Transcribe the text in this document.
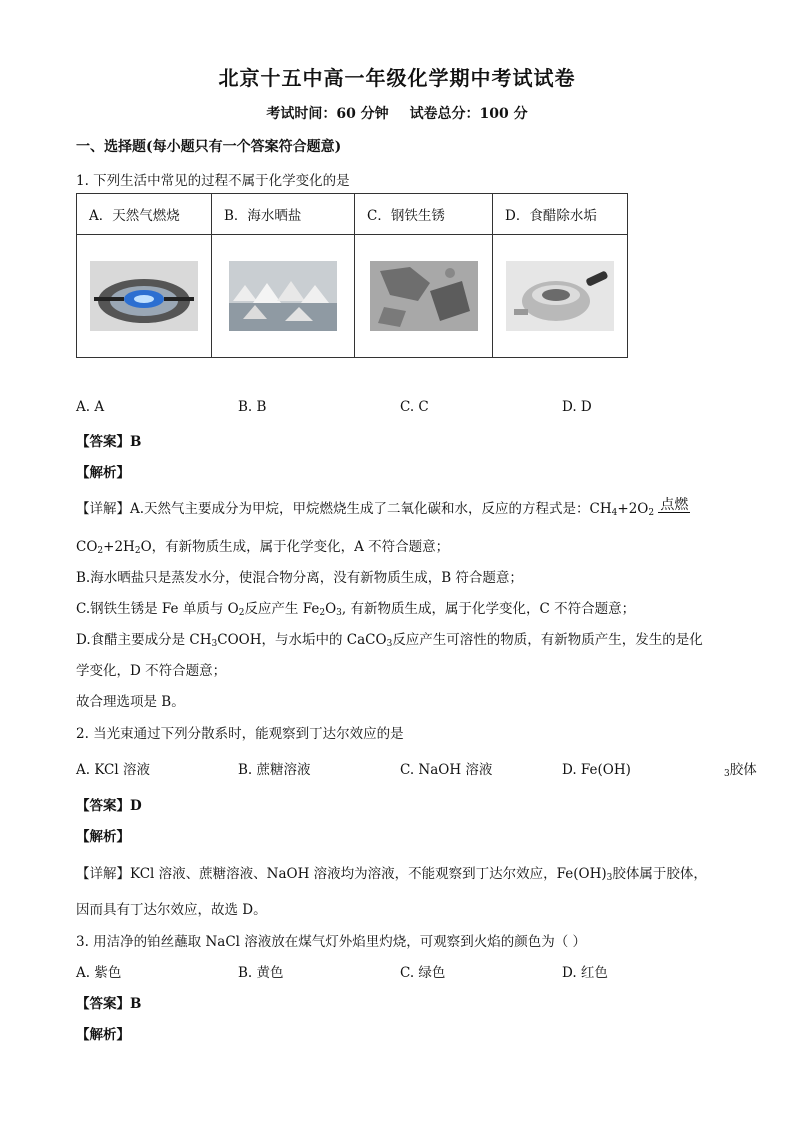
北京十五中高一年级化学期中考试试卷
考试时间：60 分钟 试卷总分：100 分
一、选择题(每小题只有一个答案符合题意)
1. 下列生活中常见的过程不属于化学变化的是
A．天然气燃烧	B．海水晒盐	C．钢铁生锈	D．食醋除水垢

A. A	B. B	C. C	D. D
【答案】B
【解析】
【详解】A.天然气主要成分为甲烷，甲烷燃烧生成了二氧化碳和水，反应的方程式是：$CH_4+2O_2$ 点燃
$CO_2+2H_2O$，有新物质生成，属于化学变化，A 不符合题意；
B.海水晒盐只是蒸发水分，使混合物分离，没有新物质生成，B 符合题意；
C.钢铁生锈是 Fe 单质与 $O_2$反应产生 $Fe_2O_3$, 有新物质生成，属于化学变化，C 不符合题意；
D.食醋主要成分是 $CH_3COOH$，与水垢中的 CaCO$_3$反应产生可溶性的物质，有新物质产生，发生的是化
学变化，D 不符合题意；
故合理选项是 B。
2. 当光束通过下列分散系时，能观察到丁达尔效应的是
A. KCl 溶液	B. 蔗糖溶液	C. NaOH 溶液	D. Fe(OH)	$_3$胶体
【答案】D
【解析】
【详解】KCl 溶液、蔗糖溶液、NaOH 溶液均为溶液，不能观察到丁达尔效应，$Fe(OH)_3$胶体属于胶体，
因而具有丁达尔效应，故选 D。
3. 用洁净的铂丝蘸取 NaCl 溶液放在煤气灯外焰里灼烧，可观察到火焰的颜色为（ ）
A. 紫色	B. 黄色	C. 绿色	D. 红色
【答案】B
【解析】
